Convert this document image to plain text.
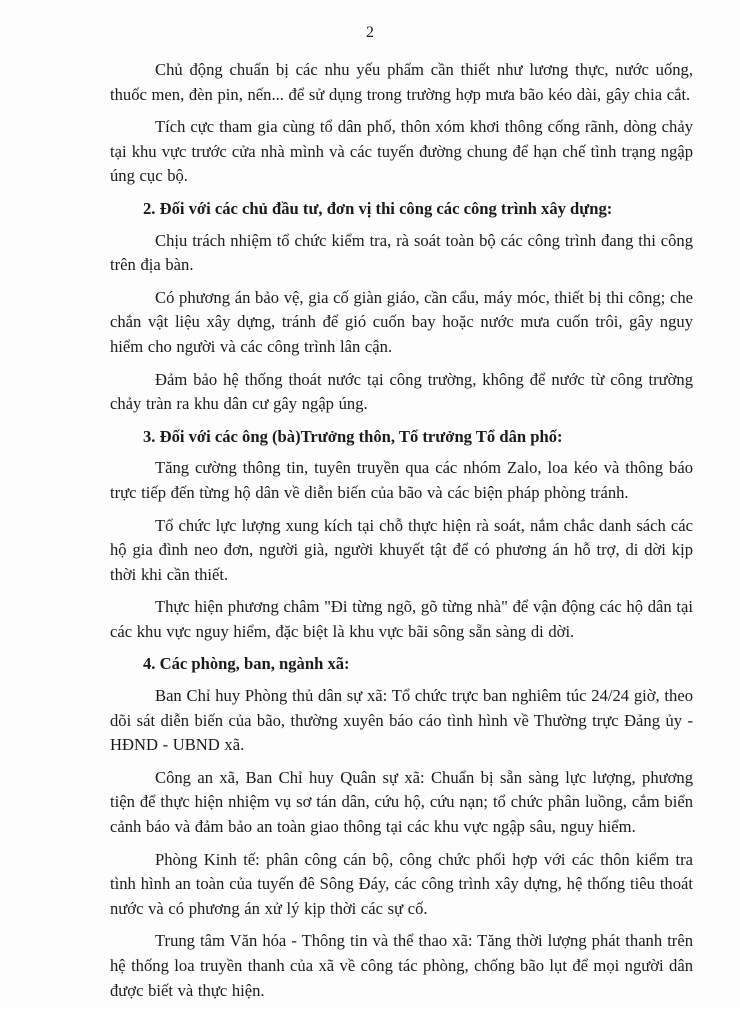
2

Chủ động chuẩn bị các nhu yếu phẩm cần thiết như lương thực, nước uống, thuốc men, đèn pin, nến... để sử dụng trong trường hợp mưa bão kéo dài, gây chia cắt.

Tích cực tham gia cùng tổ dân phố, thôn xóm khơi thông cống rãnh, dòng chảy tại khu vực trước cửa nhà mình và các tuyến đường chung để hạn chế tình trạng ngập úng cục bộ.

2. Đối với các chủ đầu tư, đơn vị thi công các công trình xây dựng:

Chịu trách nhiệm tổ chức kiểm tra, rà soát toàn bộ các công trình đang thi công trên địa bàn.

Có phương án bảo vệ, gia cố giàn giáo, cần cẩu, máy móc, thiết bị thi công; che chắn vật liệu xây dựng, tránh để gió cuốn bay hoặc nước mưa cuốn trôi, gây nguy hiểm cho người và các công trình lân cận.

Đảm bảo hệ thống thoát nước tại công trường, không để nước từ công trường chảy tràn ra khu dân cư gây ngập úng.

3. Đối với các ông (bà)Trưởng thôn, Tổ trưởng Tổ dân phố:

Tăng cường thông tin, tuyên truyền qua các nhóm Zalo, loa kéo và thông báo trực tiếp đến từng hộ dân về diễn biến của bão và các biện pháp phòng tránh.

Tổ chức lực lượng xung kích tại chỗ thực hiện rà soát, nắm chắc danh sách các hộ gia đình neo đơn, người già, người khuyết tật để có phương án hỗ trợ, di dời kịp thời khi cần thiết.

Thực hiện phương châm "Đi từng ngõ, gõ từng nhà" để vận động các hộ dân tại các khu vực nguy hiểm, đặc biệt là khu vực bãi sông sẵn sàng di dời.

4. Các phòng, ban, ngành xã:

Ban Chỉ huy Phòng thủ dân sự xã: Tổ chức trực ban nghiêm túc 24/24 giờ, theo dõi sát diễn biến của bão, thường xuyên báo cáo tình hình về Thường trực Đảng ủy - HĐND - UBND xã.

Công an xã, Ban Chỉ huy Quân sự xã: Chuẩn bị sẵn sàng lực lượng, phương tiện để thực hiện nhiệm vụ sơ tán dân, cứu hộ, cứu nạn; tổ chức phân luồng, cắm biển cảnh báo và đảm bảo an toàn giao thông tại các khu vực ngập sâu, nguy hiểm.

Phòng Kinh tế: phân công cán bộ, công chức phối hợp với các thôn kiểm tra tình hình an toàn của tuyến đê Sông Đáy, các công trình xây dựng, hệ thống tiêu thoát nước và có phương án xử lý kịp thời các sự cố.

Trung tâm Văn hóa - Thông tin và thể thao xã: Tăng thời lượng phát thanh trên hệ thống loa truyền thanh của xã về công tác phòng, chống bão lụt để mọi người dân được biết và thực hiện.
